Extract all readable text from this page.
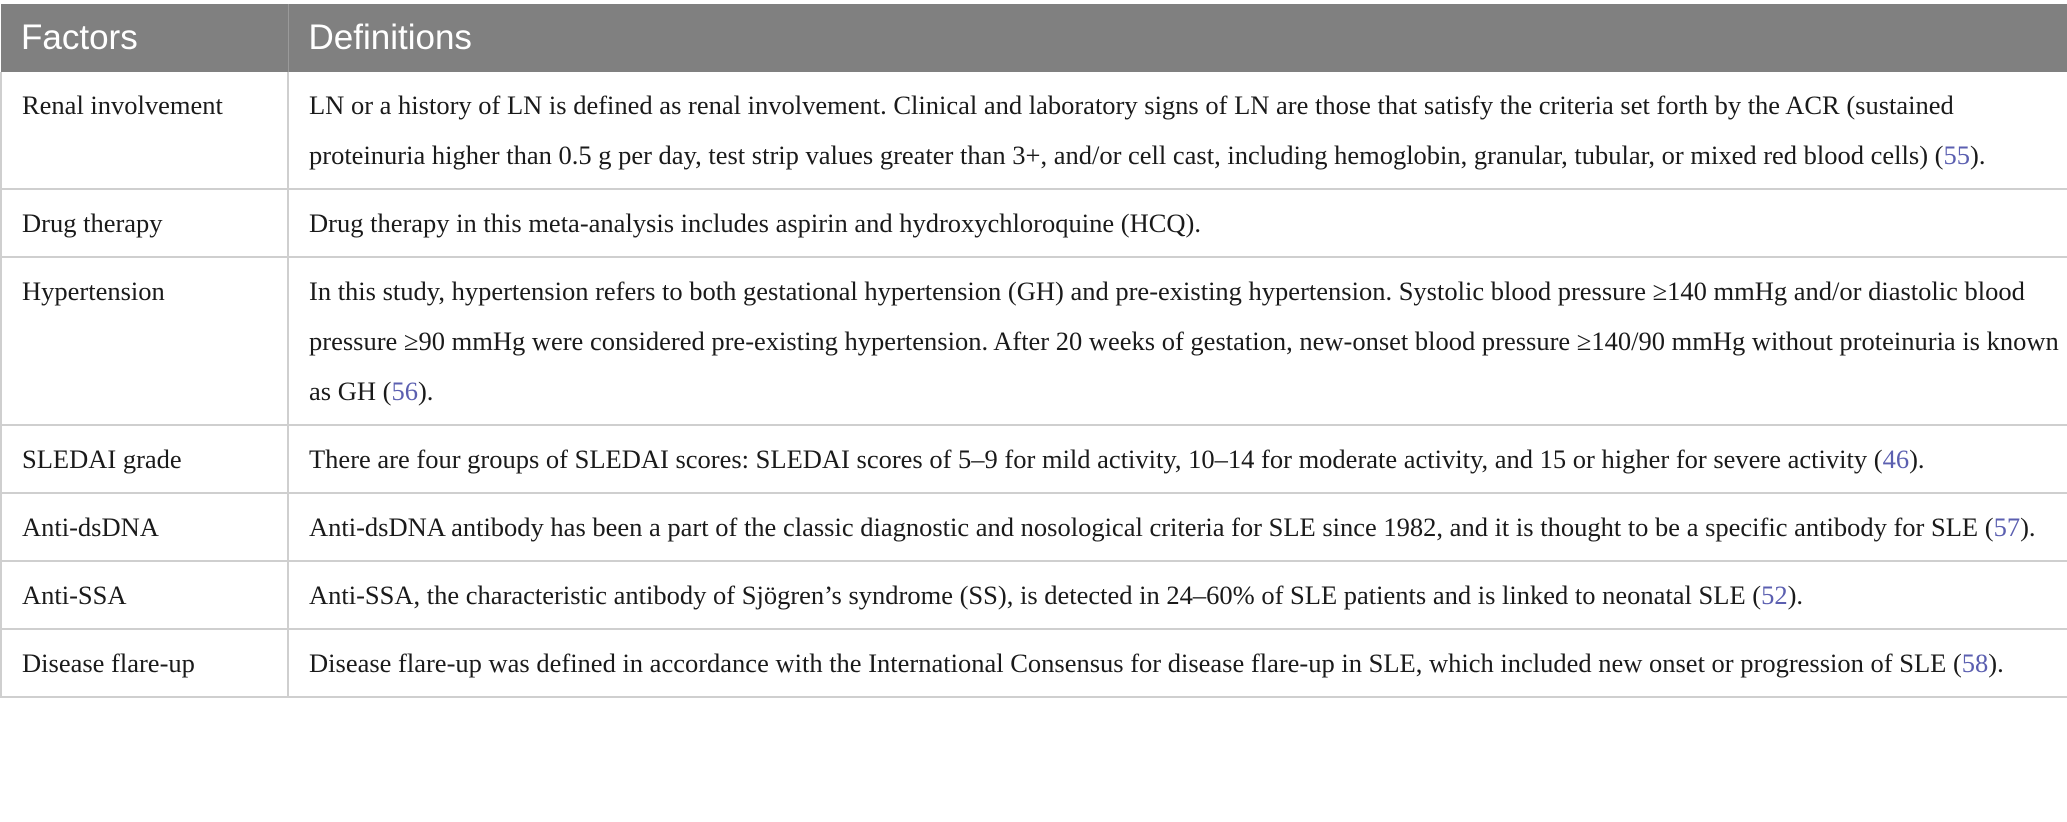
Factors	Definitions
Renal involvement	LN or a history of LN is defined as renal involvement. Clinical and laboratory signs of LN are those that satisfy the criteria set forth by the ACR (sustained proteinuria higher than 0.5 g per day, test strip values greater than 3+, and/or cell cast, including hemoglobin, granular, tubular, or mixed red blood cells) (55).
Drug therapy	Drug therapy in this meta-analysis includes aspirin and hydroxychloroquine (HCQ).
Hypertension	In this study, hypertension refers to both gestational hypertension (GH) and pre-existing hypertension. Systolic blood pressure ≥140 mmHg and/or diastolic blood pressure ≥90 mmHg were considered pre-existing hypertension. After 20 weeks of gestation, new-onset blood pressure ≥140/90 mmHg without proteinuria is known as GH (56).
SLEDAI grade	There are four groups of SLEDAI scores: SLEDAI scores of 5–9 for mild activity, 10–14 for moderate activity, and 15 or higher for severe activity (46).
Anti-dsDNA	Anti-dsDNA antibody has been a part of the classic diagnostic and nosological criteria for SLE since 1982, and it is thought to be a specific antibody for SLE (57).
Anti-SSA	Anti-SSA, the characteristic antibody of Sjögren’s syndrome (SS), is detected in 24–60% of SLE patients and is linked to neonatal SLE (52).
Disease flare-up	Disease flare-up was defined in accordance with the International Consensus for disease flare-up in SLE, which included new onset or progression of SLE (58).
